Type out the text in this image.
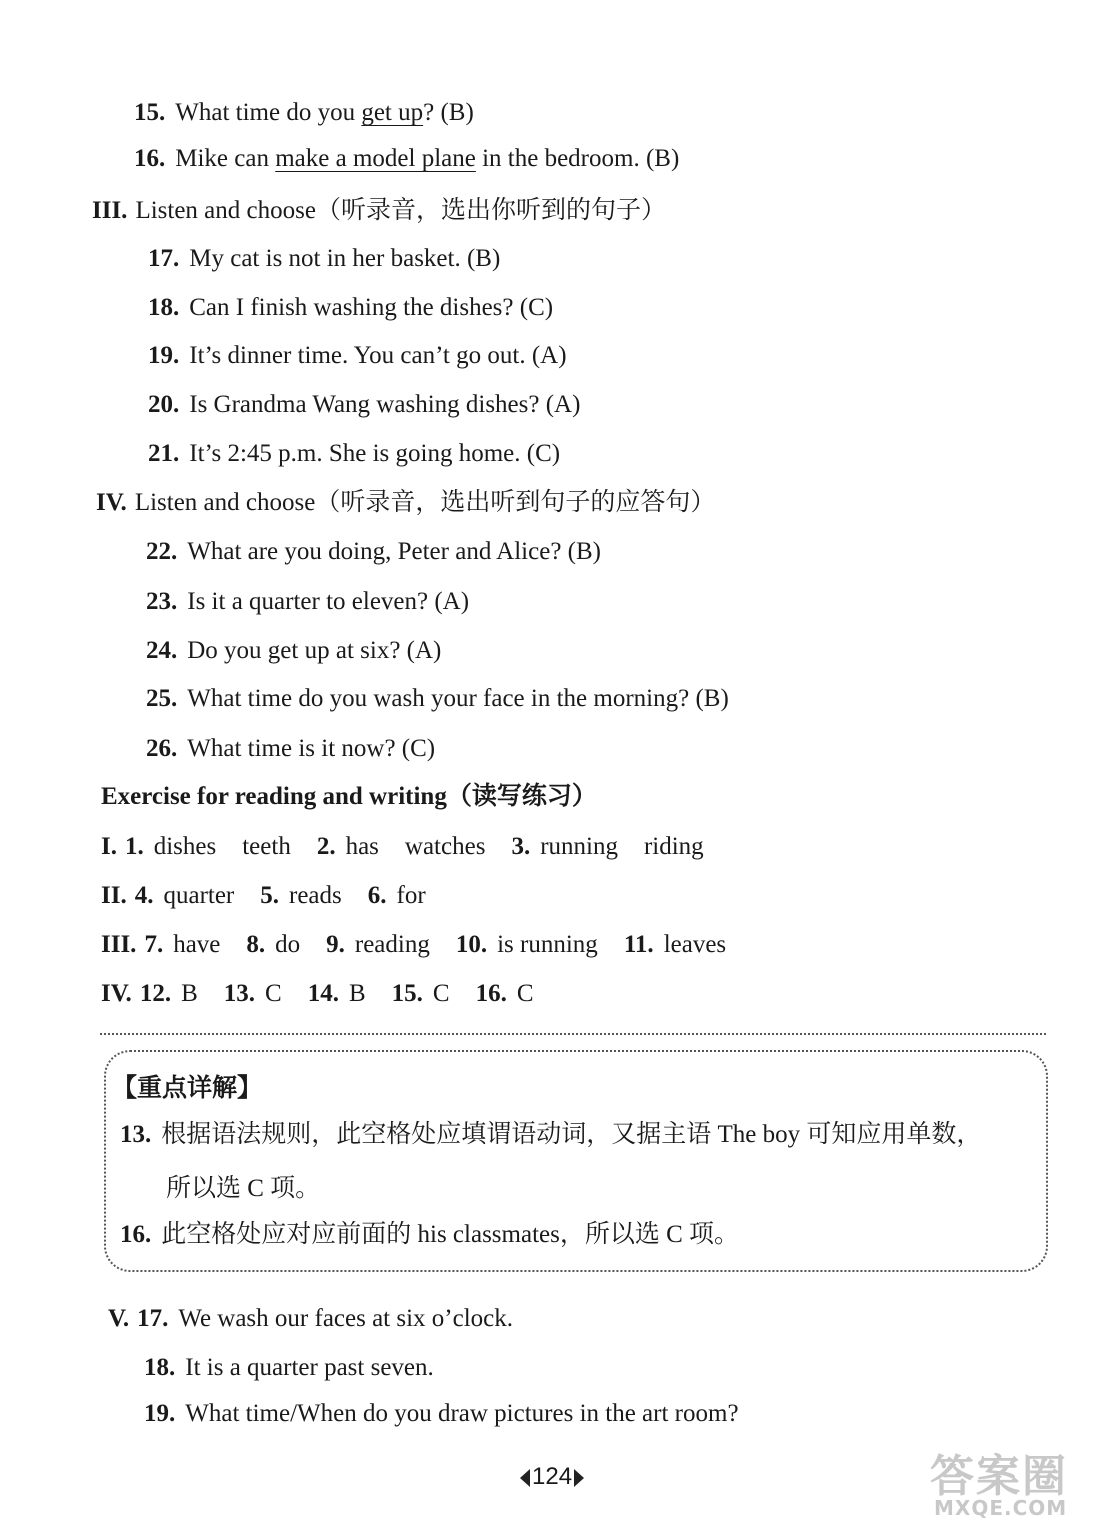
15. What time do you get up? (B)
16. Mike can make a model plane in the bedroom. (B)
III. Listen and choose（听录音，选出你听到的句子）
17. My cat is not in her basket. (B)
18. Can I finish washing the dishes? (C)
19. It’s dinner time. You can’t go out. (A)
20. Is Grandma Wang washing dishes? (A)
21. It’s 2:45 p.m. She is going home. (C)
IV. Listen and choose（听录音，选出听到句子的应答句）
22. What are you doing, Peter and Alice? (B)
23. Is it a quarter to eleven? (A)
24. Do you get up at six? (A)
25. What time do you wash your face in the morning? (B)
26. What time is it now? (C)
Exercise for reading and writing（读写练习）
I. 1. dishes teeth 2. has watches 3. running riding
II. 4. quarter 5. reads 6. for
III. 7. have 8. do 9. reading 10. is running 11. leaves
IV. 12. B 13. C 14. B 15. C 16. C
【重点详解】
13. 根据语法规则，此空格处应填谓语动词，又据主语 The boy 可知应用单数，
所以选 C 项。
16. 此空格处应对应前面的 his classmates，所以选 C 项。
V. 17. We wash our faces at six o’clock.
18. It is a quarter past seven.
19. What time/When do you draw pictures in the art room?
124	答案圈
MXQE.COM
